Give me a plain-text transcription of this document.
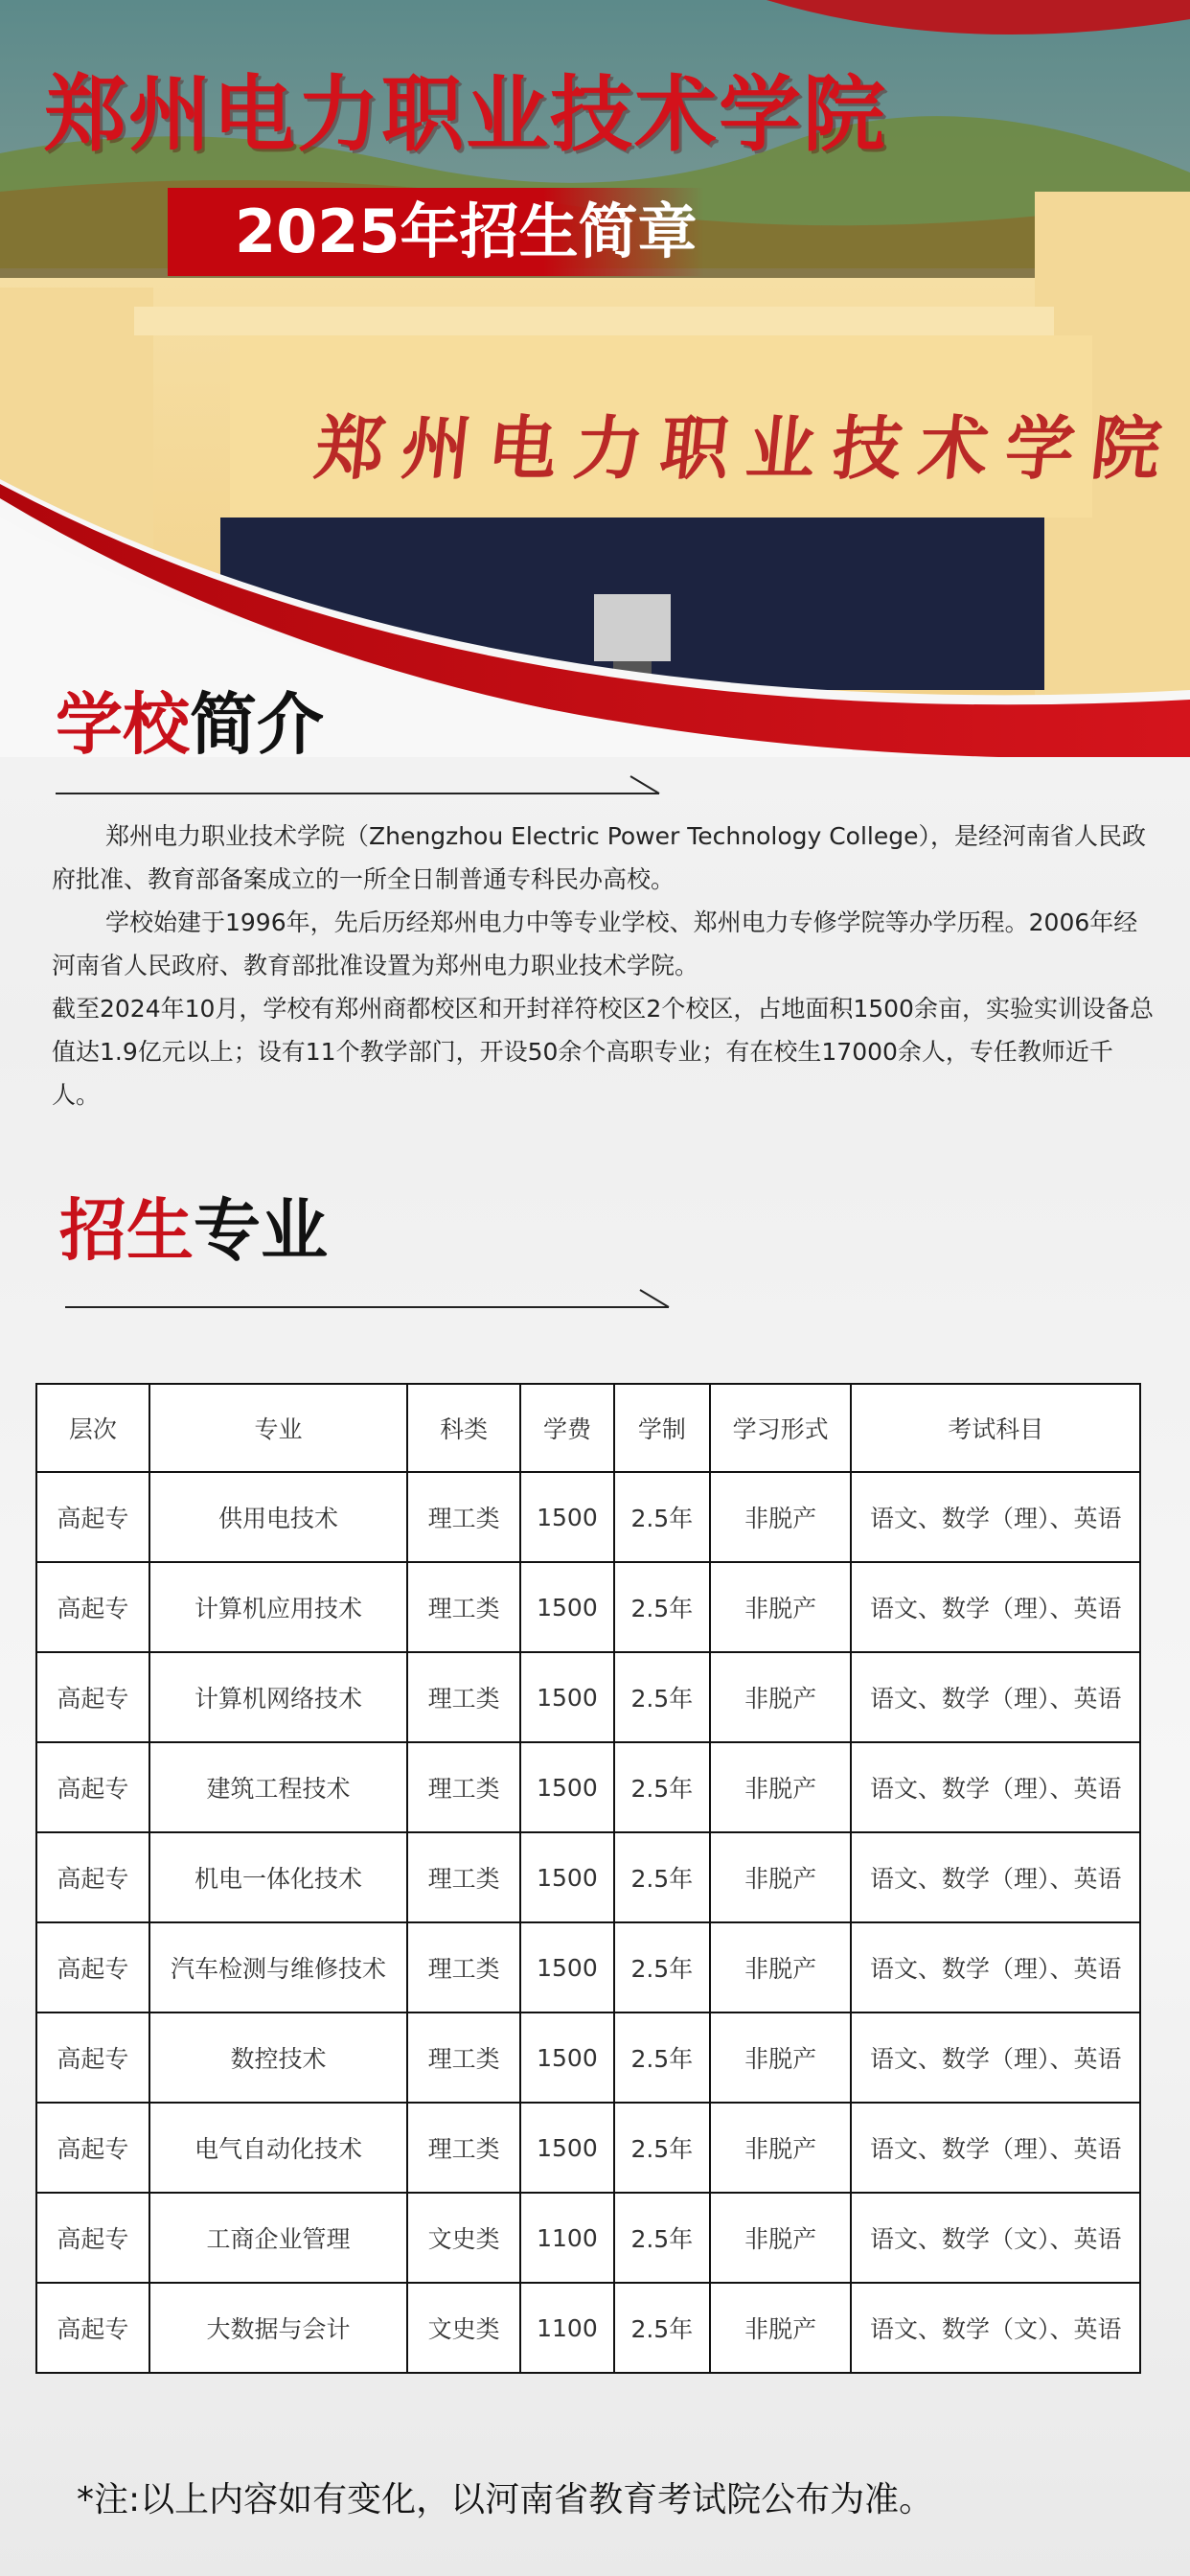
郑州电力职业技术学院
郑州电力职业技术学院
2025年招生简章
学校简介

郑州电力职业技术学院（Zhengzhou Electric Power Technology College），是经河南省人民政府批准、教育部备案成立的一所全日制普通专科民办高校。

学校始建于1996年，先后历经郑州电力中等专业学校、郑州电力专修学院等办学历程。2006年经河南省人民政府、教育部批准设置为郑州电力职业技术学院。

截至2024年10月，学校有郑州商都校区和开封祥符校区2个校区，占地面积1500余亩，实验实训设备总值达1.9亿元以上；设有11个教学部门，开设50余个高职专业；有在校生17000余人，专任教师近千人。

招生专业
层次	专业	科类	学费	学制	学习形式	考试科目
高起专	供用电技术	理工类	1500	2.5年	非脱产	语文、数学（理）、英语
高起专	计算机应用技术	理工类	1500	2.5年	非脱产	语文、数学（理）、英语
高起专	计算机网络技术	理工类	1500	2.5年	非脱产	语文、数学（理）、英语
高起专	建筑工程技术	理工类	1500	2.5年	非脱产	语文、数学（理）、英语
高起专	机电一体化技术	理工类	1500	2.5年	非脱产	语文、数学（理）、英语
高起专	汽车检测与维修技术	理工类	1500	2.5年	非脱产	语文、数学（理）、英语
高起专	数控技术	理工类	1500	2.5年	非脱产	语文、数学（理）、英语
高起专	电气自动化技术	理工类	1500	2.5年	非脱产	语文、数学（理）、英语
高起专	工商企业管理	文史类	1100	2.5年	非脱产	语文、数学（文）、英语
高起专	大数据与会计	文史类	1100	2.5年	非脱产	语文、数学（文）、英语

*注:以上内容如有变化，以河南省教育考试院公布为准。
